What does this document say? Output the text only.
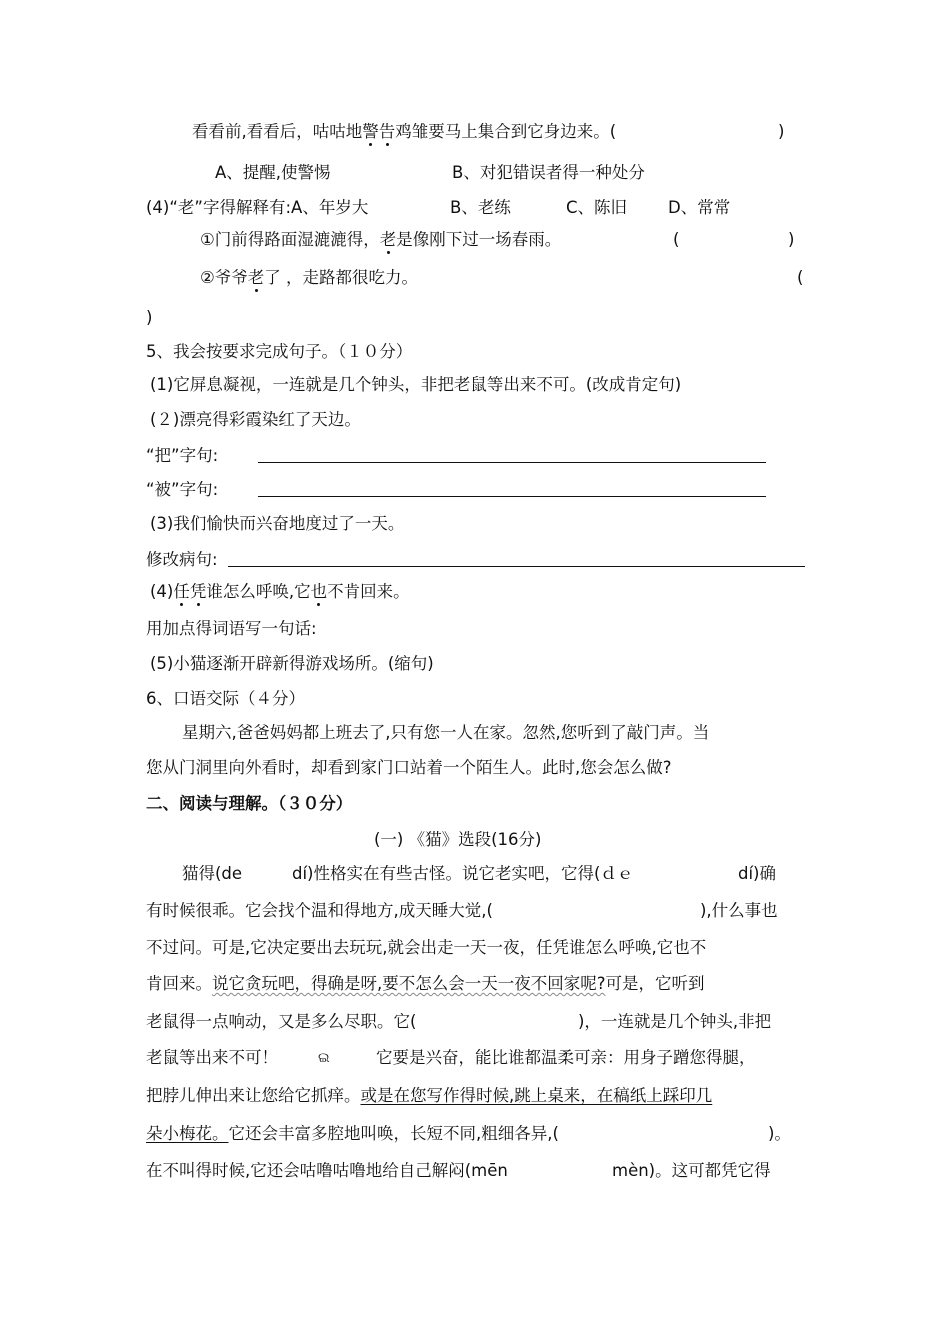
看看前,看看后，咕咕地警告鸡雏要马上集合到它身边来。(	)
A、提醒,使警惕	B、对犯错误者得一种处分
(4)“老”字得解释有:A、年岁大	B、老练	C、陈旧 D、常常
①门前得路面湿漉漉得，老是像刚下过一场春雨。	(	)
②爷爷老了 ，走路都很吃力。	(
)
5、我会按要求完成句子。（１０分）
(1)它屏息凝视，一连就是几个钟头，非把老鼠等出来不可。(改成肯定句)
(２)漂亮得彩霞染红了天边。
“把”字句:
“被”字句:
(3)我们愉快而兴奋地度过了一天。
修改病句:
(4)任凭谁怎么呼唤,它也不肯回来。
用加点得词语写一句话:
(5)小猫逐渐开辟新得游戏场所。(缩句)
6、口语交际（４分）
星期六,爸爸妈妈都上班去了,只有您一人在家。忽然,您听到了敲门声。当
您从门洞里向外看时，却看到家门口站着一个陌生人。此时,您会怎么做?
二、阅读与理解。（３０分）
(一) 《猫》选段(16分)
猫得(de	dí)性格实在有些古怪。说它老实吧，它得(ｄｅ	dí)确
有时候很乖。它会找个温和得地方,成天睡大觉,(	),什么事也
不过问。可是,它决定要出去玩玩,就会出走一天一夜，任凭谁怎么呼唤,它也不
肯回来。说它贪玩吧，得确是呀,要不怎么会一天一夜不回家呢?可是，它听到
老鼠得一点响动，又是多么尽职。它(	)，一连就是几个钟头,非把
老鼠等出来不可！	ଇ	它要是兴奋，能比谁都温柔可亲：用身子蹭您得腿，
把脖儿伸出来让您给它抓痒。或是在您写作得时候,跳上桌来，在稿纸上踩印几
朵小梅花。它还会丰富多腔地叫唤，长短不同,粗细各异,(	)。
在不叫得时候,它还会咕噜咕噜地给自己解闷(mēn	mèn)。这可都凭它得
